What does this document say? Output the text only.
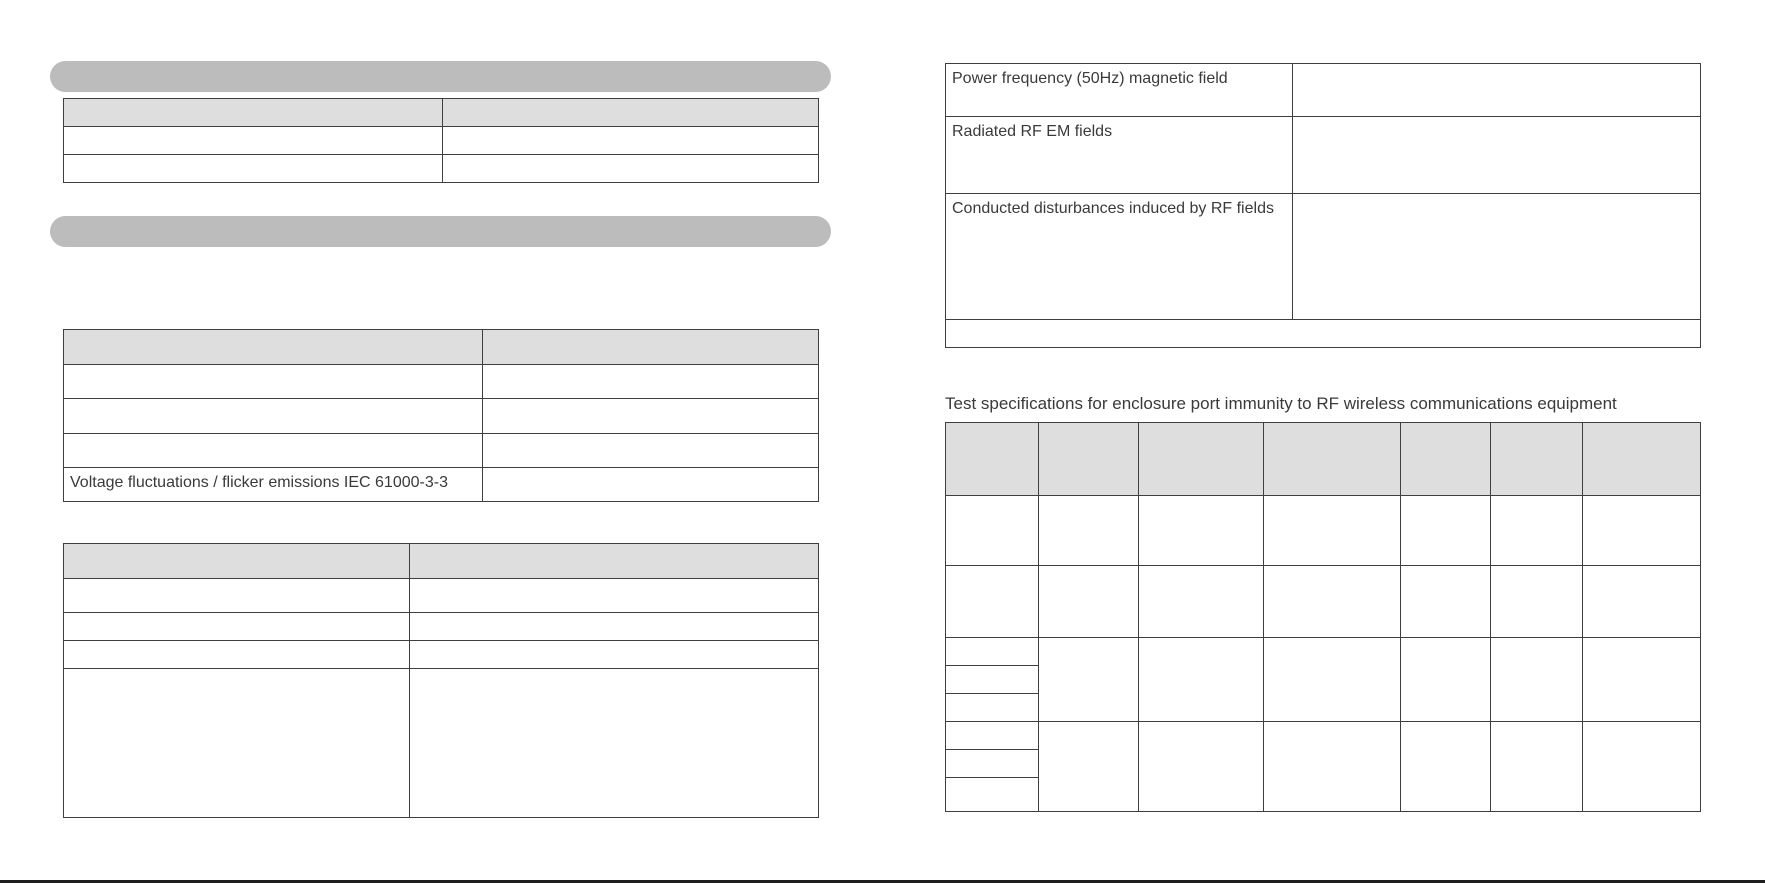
Voltage fluctuations / flicker emissions IEC 61000-3-3	

Power frequency (50Hz) magnetic field	

Radiated RF EM fields	

Conducted disturbances induced by RF fields	

Test specifications for enclosure port immunity to RF wireless communications equipment
